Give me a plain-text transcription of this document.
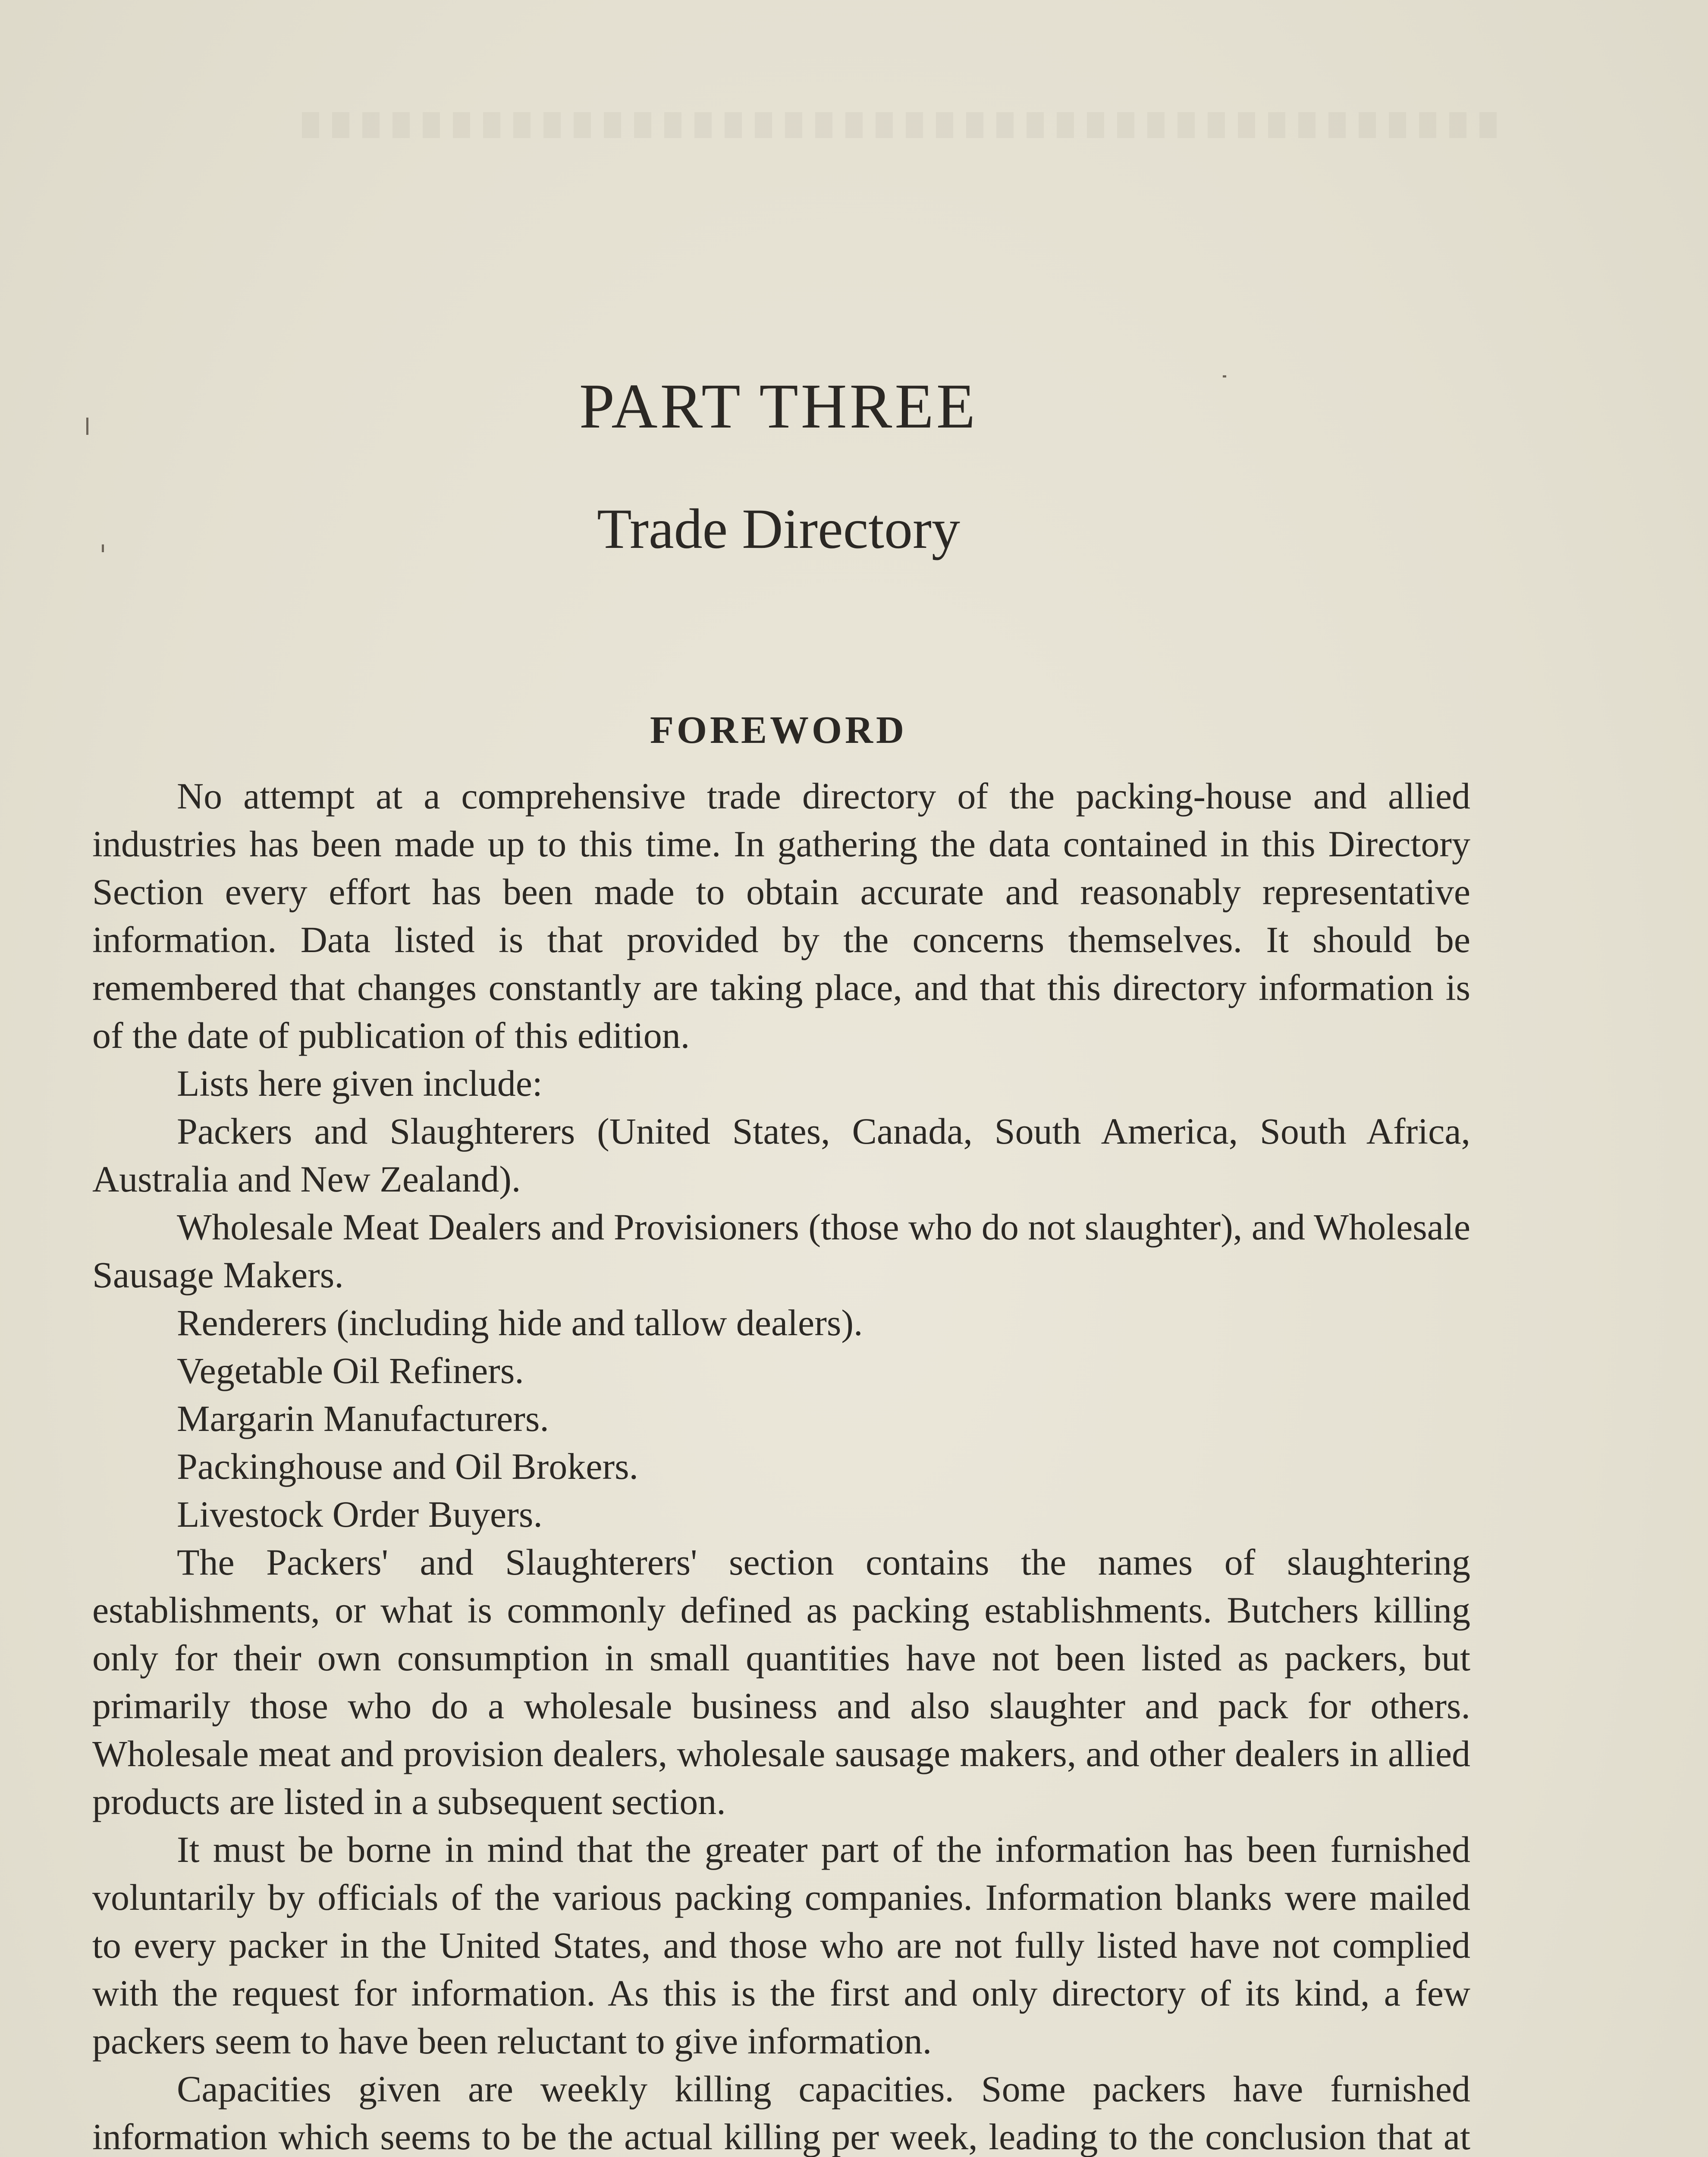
PART THREE
Trade Directory
FOREWORD

No attempt at a comprehensive trade directory of the packing-house and allied industries has been made up to this time. In gathering the data contained in this Directory Section every effort has been made to obtain accurate and reasonably representative information. Data listed is that provided by the concerns themselves. It should be remembered that changes constantly are taking place, and that this directory information is of the date of publication of this edition.

Lists here given include:

Packers and Slaughterers (United States, Canada, South America, South Africa, Australia and New Zealand).

Wholesale Meat Dealers and Provisioners (those who do not slaughter), and Wholesale Sausage Makers.

Renderers (including hide and tallow dealers).

Vegetable Oil Refiners.

Margarin Manufacturers.

Packinghouse and Oil Brokers.

Livestock Order Buyers.

The Packers' and Slaughterers' section contains the names of slaughtering establishments, or what is commonly defined as packing establishments. Butchers killing only for their own consumption in small quantities have not been listed as packers, but primarily those who do a wholesale business and also slaughter and pack for others. Wholesale meat and provision dealers, wholesale sausage makers, and other dealers in allied products are listed in a subsequent section.

It must be borne in mind that the greater part of the information has been furnished voluntarily by officials of the various packing companies. Information blanks were mailed to every packer in the United States, and those who are not fully listed have not complied with the request for information. As this is the first and only directory of its kind, a few packers seem to have been reluctant to give information.

Capacities given are weekly killing capacities. Some packers have furnished information which seems to be the actual killing per week, leading to the conclusion that at
